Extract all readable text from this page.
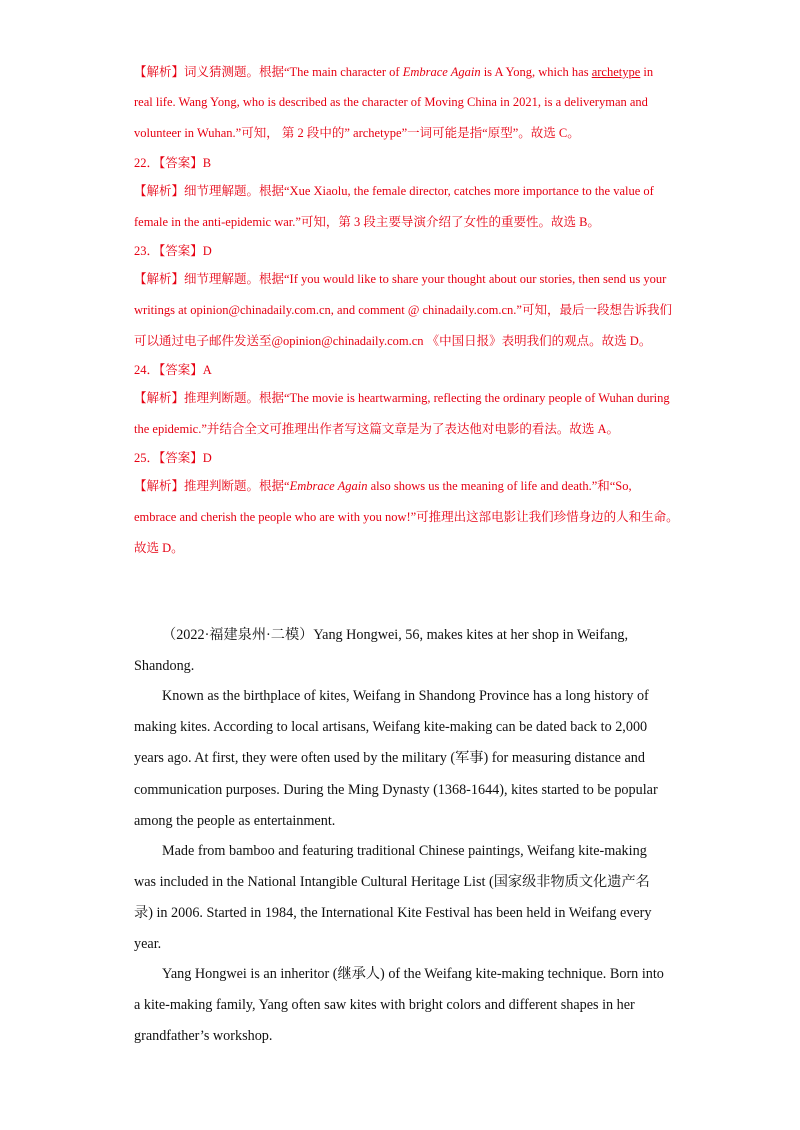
【解析】词义猜测题。根据“The main character of Embrace Again is A Yong, which has archetype in
real life. Wang Yong, who is described as the character of Moving China in 2021, is a deliveryman and
volunteer in Wuhan.”可知， 第 2 段中的” archetype”一词可能是指“原型”。故选 C。
22．【答案】B
【解析】细节理解题。根据“Xue Xiaolu, the female director, catches more importance to the value of
female in the anti-epidemic war.”可知，第 3 段主要导演介绍了女性的重要性。故选 B。
23．【答案】D
【解析】细节理解题。根据“If you would like to share your thought about our stories, then send us your
writings at opinion@chinadaily.com.cn, and comment @ chinadaily.com.cn.”可知，最后一段想告诉我们
可以通过电子邮件发送至@opinion@chinadaily.com.cn 《中国日报》表明我们的观点。故选 D。
24．【答案】A
【解析】推理判断题。根据“The movie is heartwarming, reflecting the ordinary people of Wuhan during
the epidemic.”并结合全文可推理出作者写这篇文章是为了表达他对电影的看法。故选 A。
25．【答案】D
【解析】推理判断题。根据“Embrace Again also shows us the meaning of life and death.”和“So,
embrace and cherish the people who are with you now!”可推理出这部电影让我们珍惜身边的人和生命。
故选 D。
（2022·福建泉州·二模）Yang Hongwei, 56, makes kites at her shop in Weifang,
Shandong.
Known as the birthplace of kites, Weifang in Shandong Province has a long history of
making kites. According to local artisans, Weifang kite-making can be dated back to 2,000
years ago. At first, they were often used by the military (军事) for measuring distance and
communication purposes. During the Ming Dynasty (1368-1644), kites started to be popular
among the people as entertainment.
Made from bamboo and featuring traditional Chinese paintings, Weifang kite-making
was included in the National Intangible Cultural Heritage List (国家级非物质文化遗产名
录) in 2006. Started in 1984, the International Kite Festival has been held in Weifang every
year.
Yang Hongwei is an inheritor (继承人) of the Weifang kite-making technique. Born into
a kite-making family, Yang often saw kites with bright colors and different shapes in her
grandfather’s workshop.
